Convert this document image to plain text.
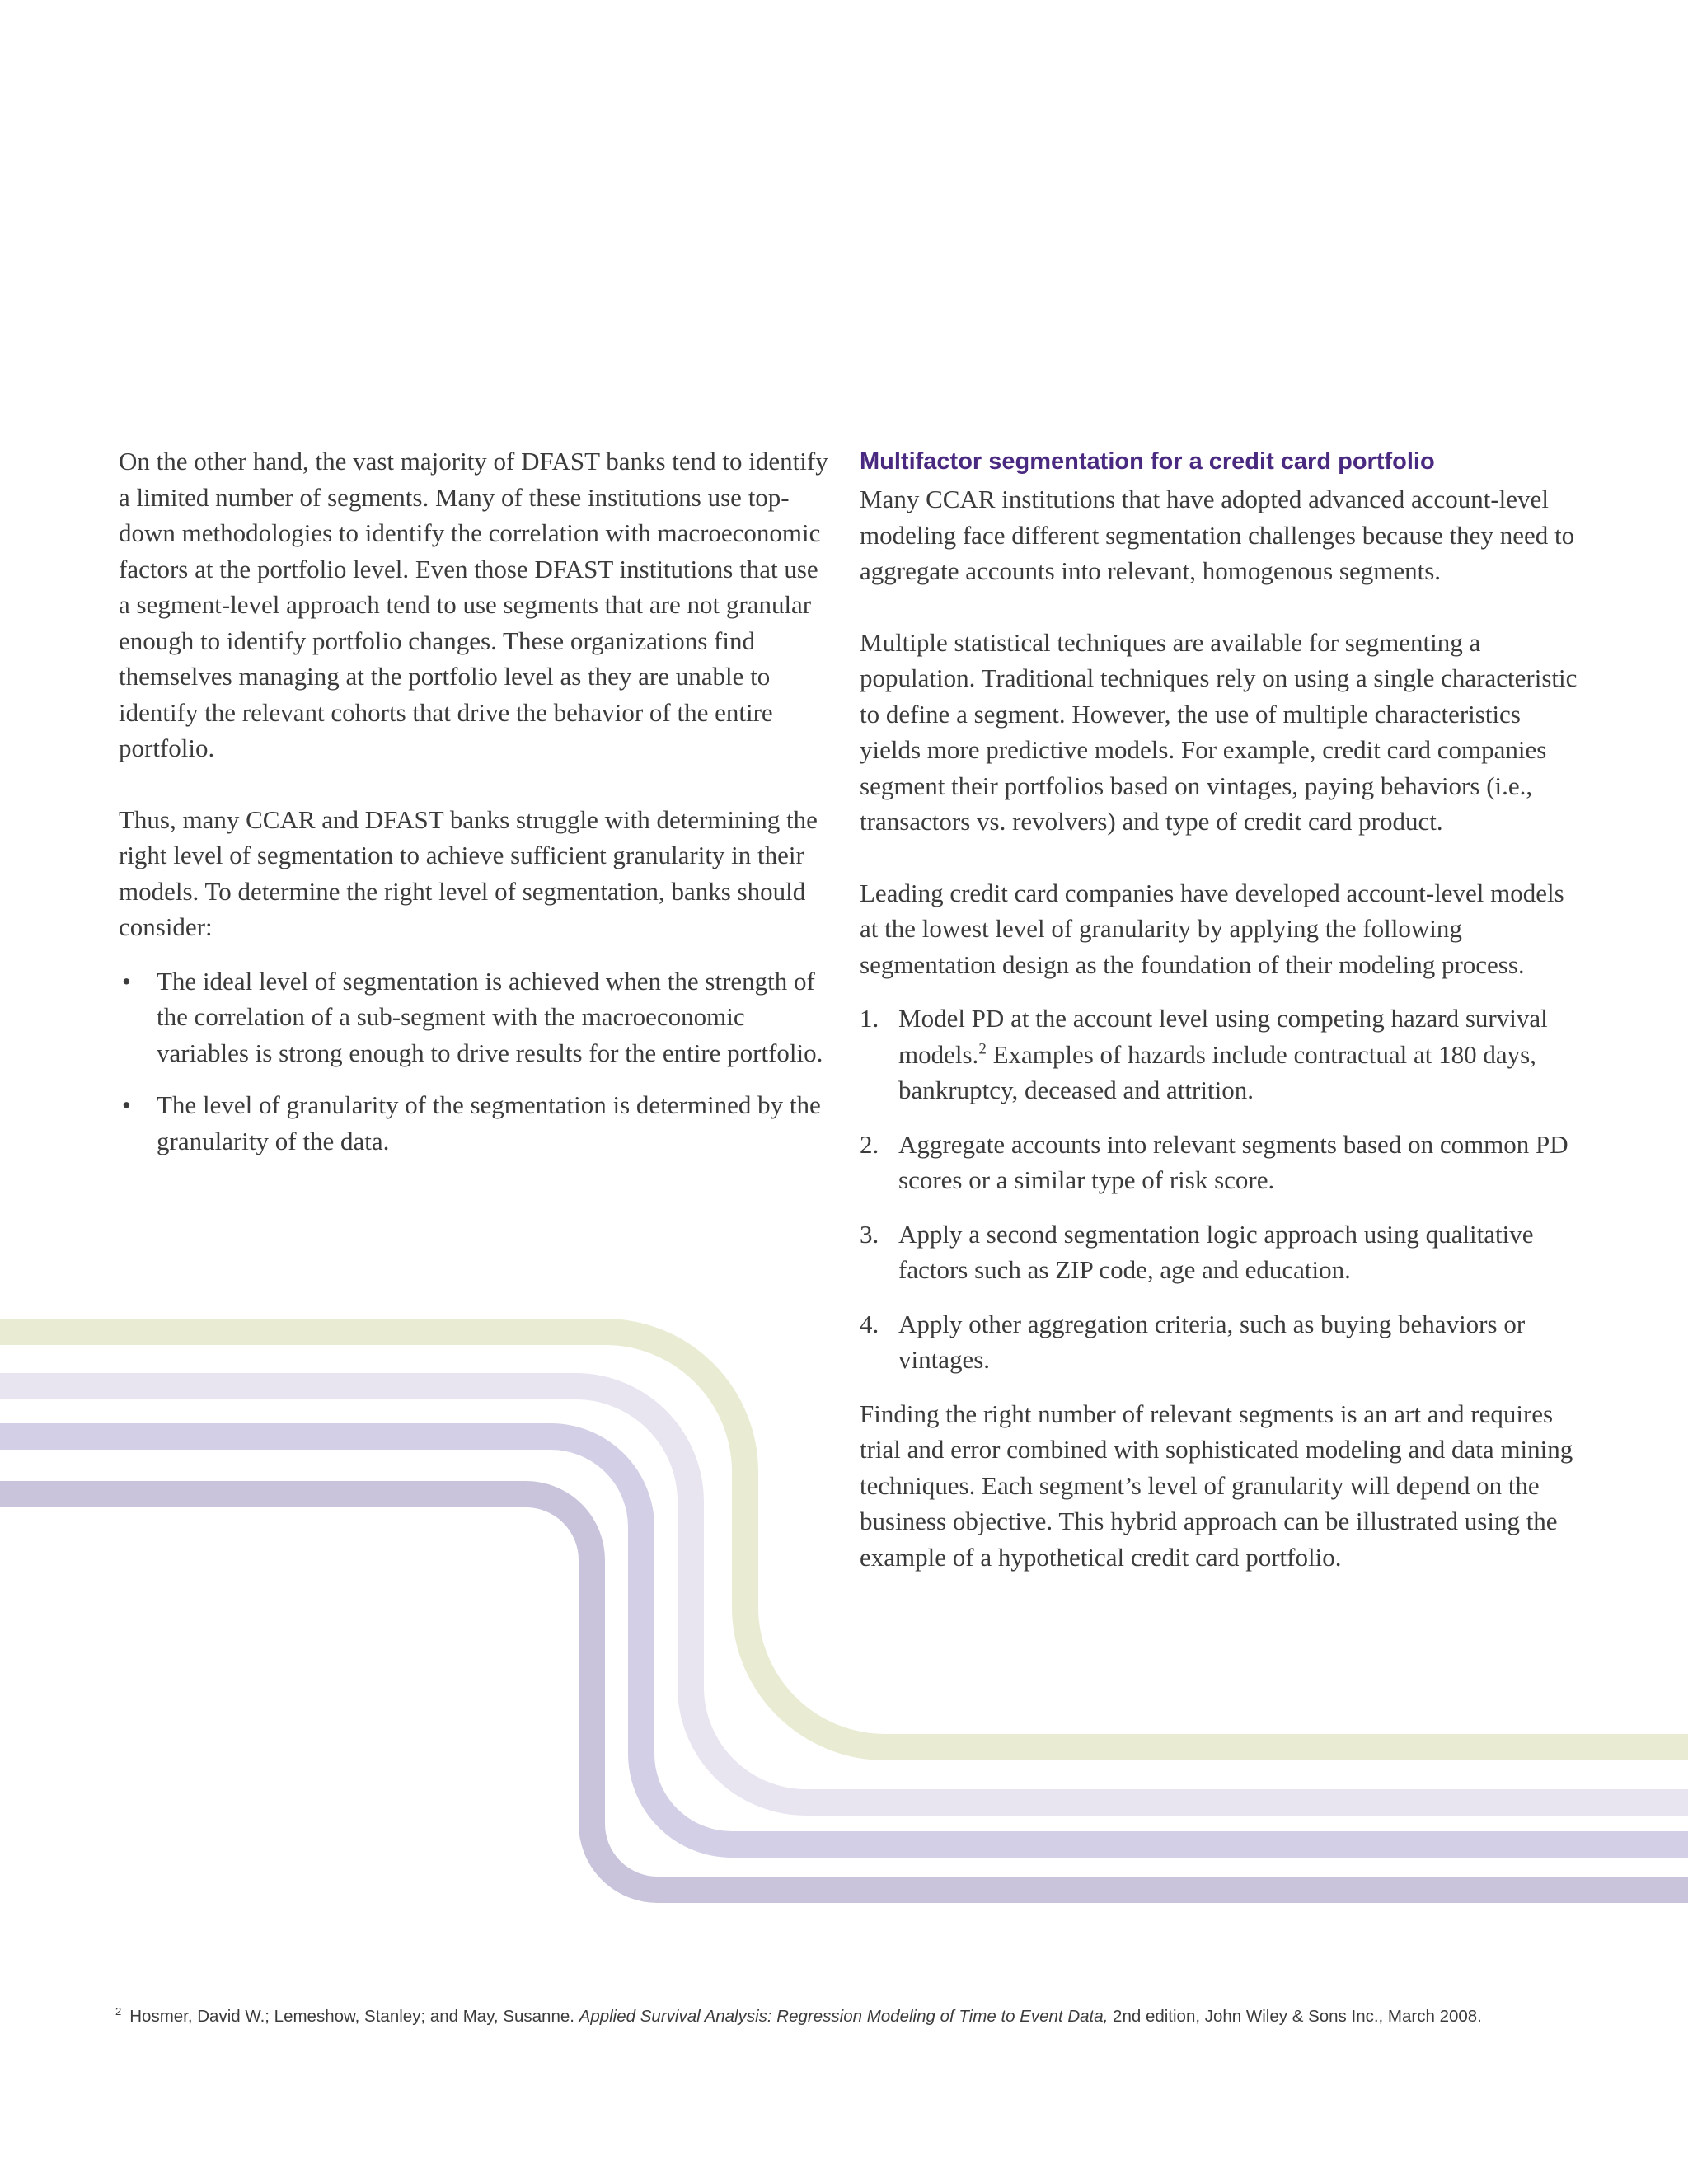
On the other hand, the vast majority of DFAST banks tend to identify a limited number of segments. Many of these institutions use top-down methodologies to identify the correlation with macroeconomic factors at the portfolio level. Even those DFAST institutions that use a segment-level approach tend to use segments that are not granular enough to identify portfolio changes. These organizations find themselves managing at the portfolio level as they are unable to identify the relevant cohorts that drive the behavior of the entire portfolio.

Thus, many CCAR and DFAST banks struggle with determining the right level of segmentation to achieve sufficient granularity in their models. To determine the right level of segmentation, banks should consider:

• The ideal level of segmentation is achieved when the strength of the correlation of a sub-segment with the macroeconomic variables is strong enough to drive results for the entire portfolio.
• The level of granularity of the segmentation is determined by the granularity of the data.
Multifactor segmentation for a credit card portfolio

Many CCAR institutions that have adopted advanced account-level modeling face different segmentation challenges because they need to aggregate accounts into relevant, homogenous segments.

Multiple statistical techniques are available for segmenting a population. Traditional techniques rely on using a single characteristic to define a segment. However, the use of multiple characteristics yields more predictive models. For example, credit card companies segment their portfolios based on vintages, paying behaviors (i.e., transactors vs. revolvers) and type of credit card product.

Leading credit card companies have developed account-level models at the lowest level of granularity by applying the following segmentation design as the foundation of their modeling process.

1. Model PD at the account level using competing hazard survival models.$^2$ Examples of hazards include contractual at 180 days, bankruptcy, deceased and attrition.
2. Aggregate accounts into relevant segments based on common PD scores or a similar type of risk score.
3. Apply a second segmentation logic approach using qualitative factors such as ZIP code, age and education.
4. Apply other aggregation criteria, such as buying behaviors or vintages.

Finding the right number of relevant segments is an art and requires trial and error combined with sophisticated modeling and data mining techniques. Each segment’s level of granularity will depend on the business objective. This hybrid approach can be illustrated using the example of a hypothetical credit card portfolio.

$^2$ Hosmer, David W.; Lemeshow, Stanley; and May, Susanne. Applied Survival Analysis: Regression Modeling of Time to Event Data, 2nd edition, John Wiley & Sons Inc., March 2008.
